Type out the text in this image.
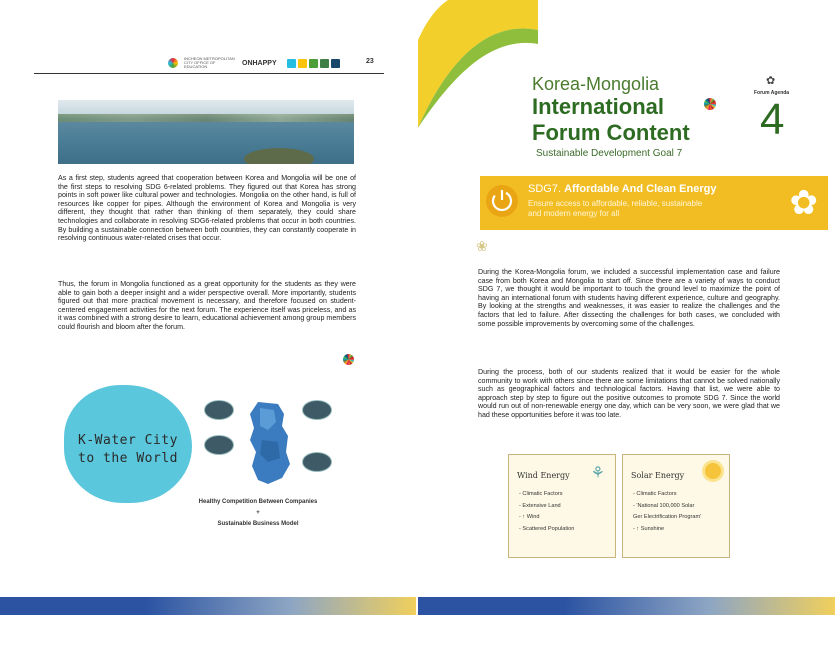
INCHEON METROPOLITAN CITY OFFICE OF EDUCATION	ONHAPPY	23
As a first step, students agreed that cooperation between Korea and Mongolia will be one of the first steps to resolving SDG 6-related problems. They figured out that Korea has strong points in soft power like cultural power and technologies. Mongolia on the other hand, is full of resources like copper for pipes. Although the environment of Korea and Mongolia is very different, they thought that rather than thinking of them separately, they could share technologies and collaborate in resolving SDG6-related problems that occur in both countries. By building a sustainable connection between both countries, they can constantly cooperate in resolving continuous water-related crises that occur.
Thus, the forum in Mongolia functioned as a great opportunity for the students as they were able to gain both a deeper insight and a wider perspective overall. More importantly, students figured out that more practical movement is necessary, and therefore focused on student-centered engagement activities for the next forum. The experience itself was priceless, and as it was combined with a strong desire to learn, educational achievement among group members could flourish and bloom after the forum.
K-Water City
to the World
Healthy Competition Between Companies
+
Sustainable Business Model
Korea-Mongolia
International
Forum Content
Sustainable Development Goal 7
✿
Forum Agenda
4
SDG7. Affordable And Clean Energy
Ensure access to affordable, reliable, sustainable and modern energy for all	✿
❀
During the Korea-Mongolia forum, we included a successful implementation case and failure case from both Korea and Mongolia to start off. Since there are a variety of ways to conduct SDG 7, we thought it would be important to touch the ground level to maximize the point of having an international forum with students having different experience, culture and geography. By looking at the strengths and weaknesses, it was easier to realize the challenges and the factors that led to failure. After dissecting the challenges for both cases, we concluded with some possible improvements by overcoming some of the challenges.
During the process, both of our students realized that it would be easier for the whole community to work with others since there are some limitations that cannot be solved nationally such as geographical factors and technological factors. Having that list, we were able to approach step by step to figure out the positive outcomes to promote SDG 7. Since the world would run out of non-renewable energy one day, which can be very soon, we were glad that we had these opportunities before it was too late.
Wind Energy ⚘
- Climatic Factors
- Extensive Land
- ↑ Wind
- Scattered Population
Solar Energy
- Climatic Factors
- 'National 100,000 Solar
Ger Electrification Program'
- ↑ Sunshine
